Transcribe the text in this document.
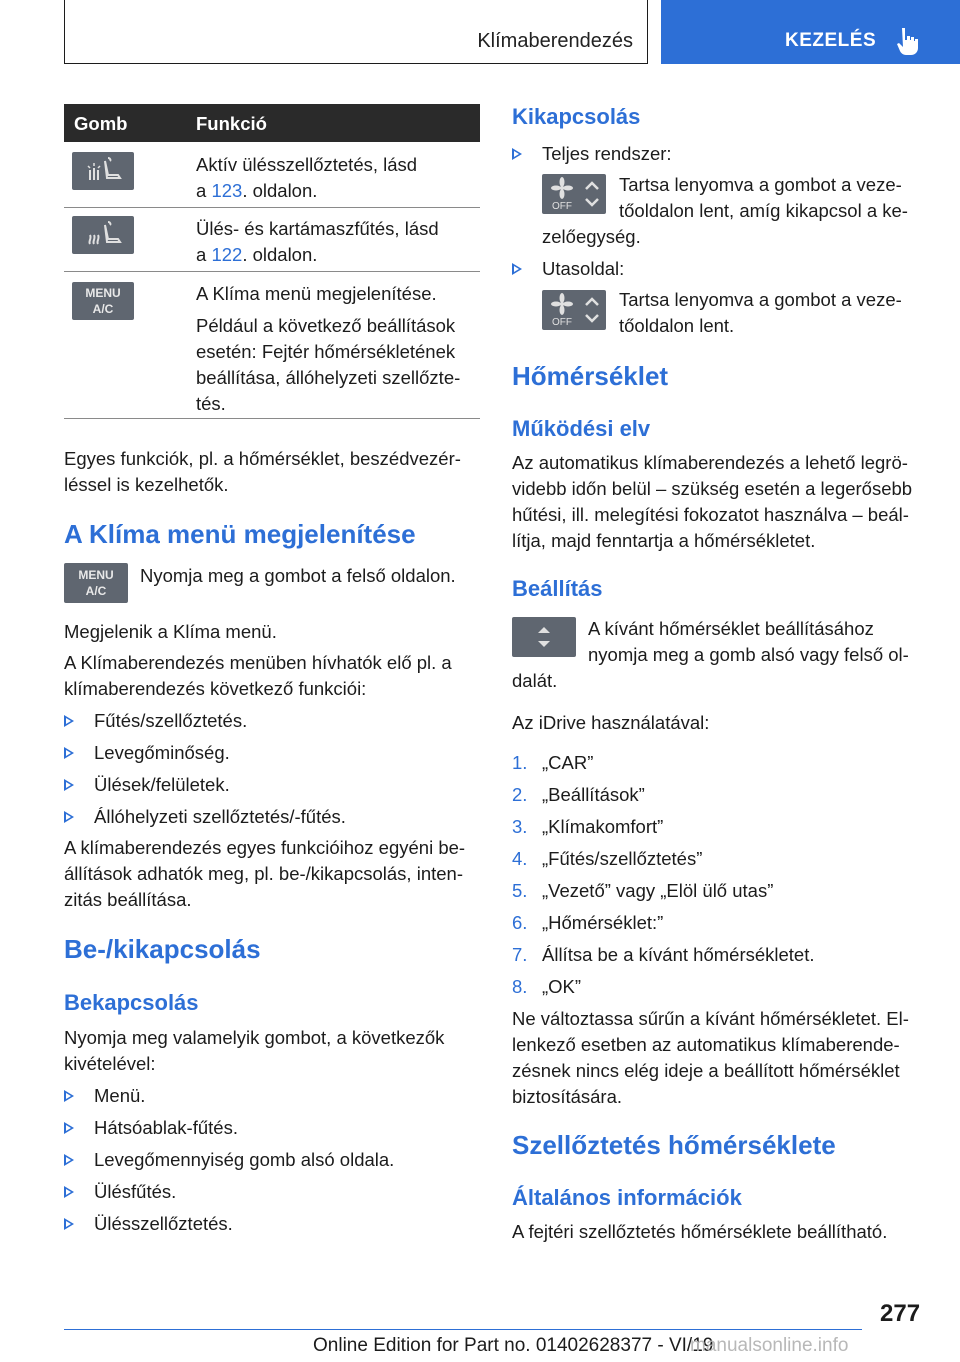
Klímaberendezés	KEZELÉS
Gomb	Funkció

Aktív ülésszellőztetés, lásd

a 123. oldalon.

Ülés- és kartámaszfűtés, lásd

a 122. oldalon.

MENU
A/C

A Klíma menü megjelenítése.

Például a következő beállítások

esetén: Fejtér hőmérsékletének

beállítása, állóhelyzeti szellőzte-

tés.

Egyes funkciók, pl. a hőmérséklet, beszédvezér-

léssel is kezelhetők.

A Klíma menü megjelenítése
MENU
A/C

Nyomja meg a gombot a felső oldalon.

Megjelenik a Klíma menü.

A Klímaberendezés menüben hívhatók elő pl. a

klímaberendezés következő funkciói:

Fűtés/szellőztetés.
Levegőminőség.
Ülések/felületek.
Állóhelyzeti szellőztetés/-fűtés.

A klímaberendezés egyes funkcióihoz egyéni be-

állítások adhatók meg, pl. be-/kikapcsolás, inten-

zitás beállítása.

Be-/kikapcsolás
Bekapcsolás

Nyomja meg valamelyik gombot, a következők

kivételével:

Menü.
Hátsóablak-fűtés.
Levegőmennyiség gomb alsó oldala.
Ülésfűtés.
Ülésszellőztetés.
Kikapcsolás
Teljes rendszer:
OFF

Tartsa lenyomva a gombot a veze-

tőoldalon lent, amíg kikapcsol a ke-

zelőegység.

Utasoldal:
OFF

Tartsa lenyomva a gombot a veze-

tőoldalon lent.

Hőmérséklet
Működési elv

Az automatikus klímaberendezés a lehető legrö-

videbb időn belül – szükség esetén a legerősebb

hűtési, ill. melegítési fokozatot használva – beál-

lítja, majd fenntartja a hőmérsékletet.

Beállítás

A kívánt hőmérséklet beállításához

nyomja meg a gomb alsó vagy felső ol-

dalát.

Az iDrive használatával:

1. „CAR”
2. „Beállítások”
3. „Klímakomfort”
4. „Fűtés/szellőztetés”
5. „Vezető” vagy „Elöl ülő utas”
6. „Hőmérséklet:”
7. Állítsa be a kívánt hőmérsékletet.
8. „OK”

Ne változtassa sűrűn a kívánt hőmérsékletet. El-

lenkező esetben az automatikus klímaberende-

zésnek nincs elég ideje a beállított hőmérséklet

biztosítására.

Szellőztetés hőmérséklete
Általános információk

A fejtéri szellőztetés hőmérséklete beállítható.

277
Online Edition for Part no. 01402628377 - VI/19
manualsonline.info
